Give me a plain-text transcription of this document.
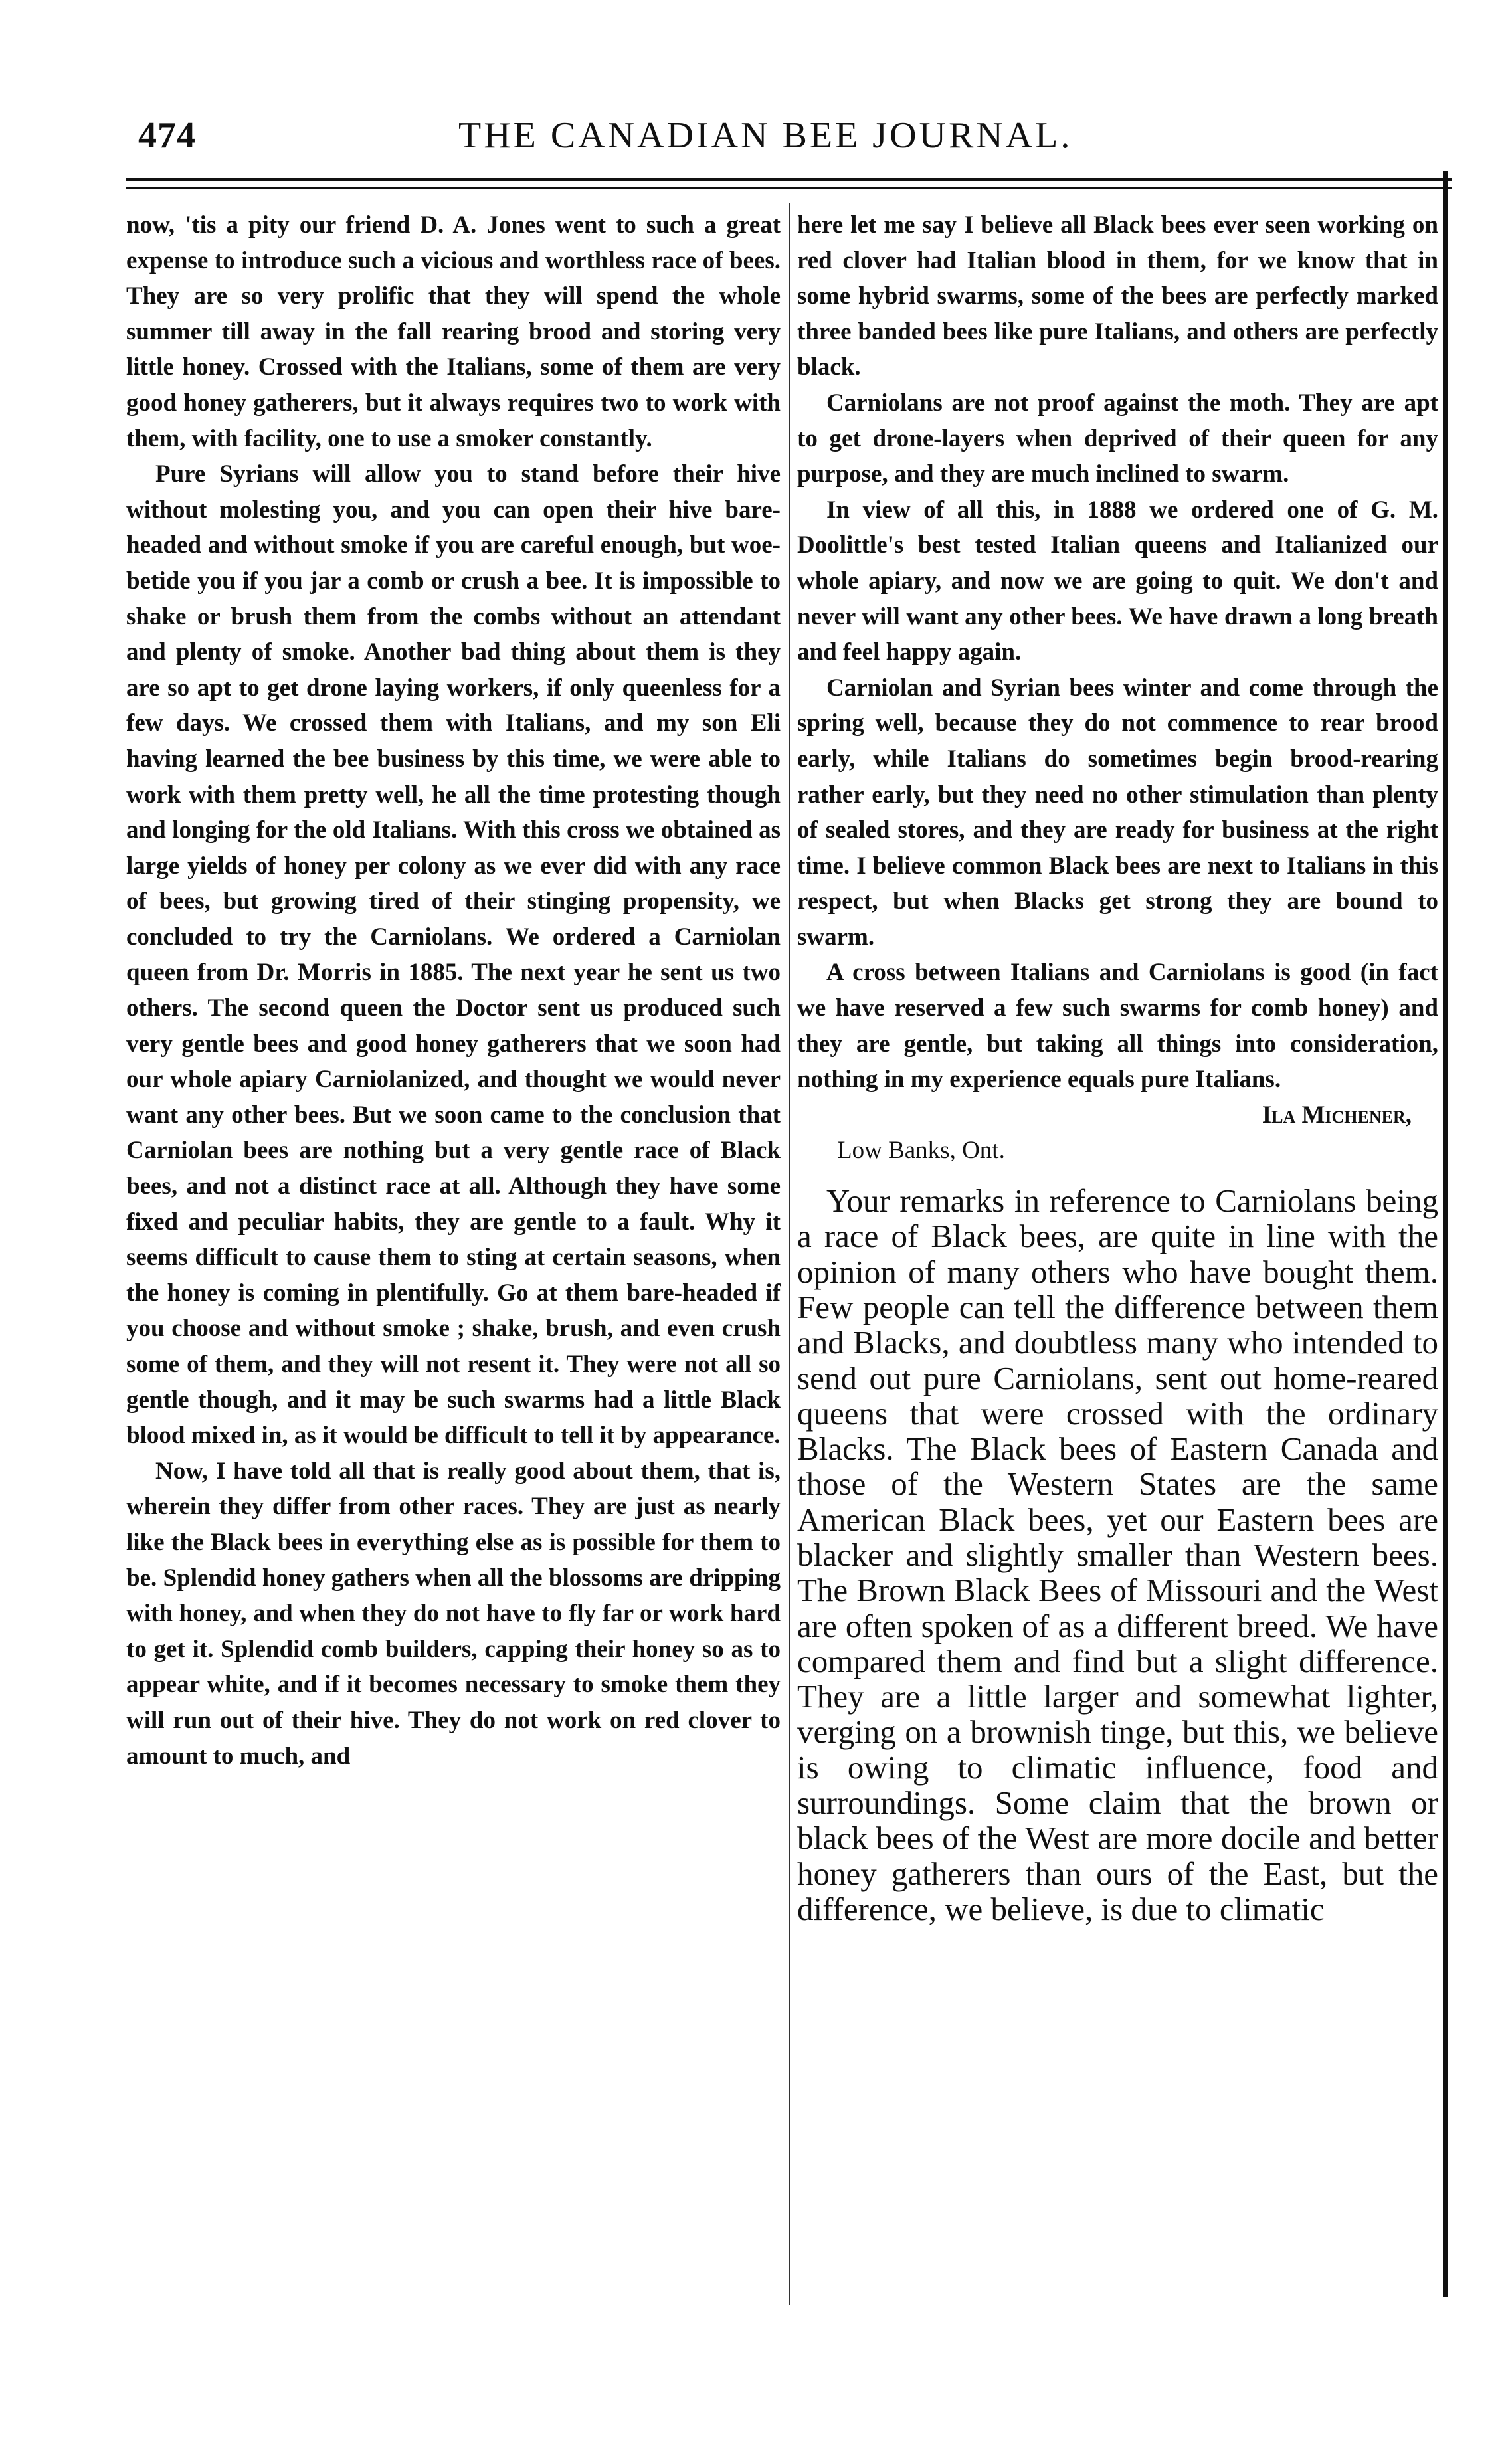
474	THE CANADIAN BEE JOURNAL.

now, 'tis a pity our friend D. A. Jones went to such a great expense to introduce such a vicious and worthless race of bees. They are so very prolific that they will spend the whole summer till away in the fall rearing brood and storing very little honey. Crossed with the Italians, some of them are very good honey gatherers, but it always requires two to work with them, with facility, one to use a smoker constantly.

Pure Syrians will allow you to stand before their hive without molesting you, and you can open their hive bare-headed and without smoke if you are careful enough, but woe-betide you if you jar a comb or crush a bee. It is impossible to shake or brush them from the combs without an attendant and plenty of smoke. Another bad thing about them is they are so apt to get drone laying workers, if only queenless for a few days. We crossed them with Italians, and my son Eli having learned the bee business by this time, we were able to work with them pretty well, he all the time protesting though and longing for the old Italians. With this cross we obtained as large yields of honey per colony as we ever did with any race of bees, but growing tired of their stinging propensity, we concluded to try the Carniolans. We ordered a Carniolan queen from Dr. Morris in 1885. The next year he sent us two others. The second queen the Doctor sent us produced such very gentle bees and good honey gatherers that we soon had our whole apiary Carniolanized, and thought we would never want any other bees. But we soon came to the conclusion that Carniolan bees are nothing but a very gentle race of Black bees, and not a distinct race at all. Although they have some fixed and peculiar habits, they are gentle to a fault. Why it seems difficult to cause them to sting at certain seasons, when the honey is coming in plentifully. Go at them bare-headed if you choose and without smoke ; shake, brush, and even crush some of them, and they will not resent it. They were not all so gentle though, and it may be such swarms had a little Black blood mixed in, as it would be difficult to tell it by appearance.

Now, I have told all that is really good about them, that is, wherein they differ from other races. They are just as nearly like the Black bees in everything else as is possible for them to be. Splendid honey gathers when all the blossoms are dripping with honey, and when they do not have to fly far or work hard to get it. Splendid comb builders, capping their honey so as to appear white, and if it becomes necessary to smoke them they will run out of their hive. They do not work on red clover to amount to much, and

here let me say I believe all Black bees ever seen working on red clover had Italian blood in them, for we know that in some hybrid swarms, some of the bees are perfectly marked three banded bees like pure Italians, and others are perfectly black.

Carniolans are not proof against the moth. They are apt to get drone-layers when deprived of their queen for any purpose, and they are much inclined to swarm.

In view of all this, in 1888 we ordered one of G. M. Doolittle's best tested Italian queens and Italianized our whole apiary, and now we are going to quit. We don't and never will want any other bees. We have drawn a long breath and feel happy again.

Carniolan and Syrian bees winter and come through the spring well, because they do not commence to rear brood early, while Italians do sometimes begin brood-rearing rather early, but they need no other stimulation than plenty of sealed stores, and they are ready for business at the right time. I believe common Black bees are next to Italians in this respect, but when Blacks get strong they are bound to swarm.

A cross between Italians and Carniolans is good (in fact we have reserved a few such swarms for comb honey) and they are gentle, but taking all things into consideration, nothing in my experience equals pure Italians.

Ila Michener,

Low Banks, Ont.

Your remarks in reference to Carniolans being a race of Black bees, are quite in line with the opinion of many others who have bought them. Few people can tell the difference between them and Blacks, and doubtless many who intended to send out pure Carniolans, sent out home-reared queens that were crossed with the ordinary Blacks. The Black bees of Eastern Canada and those of the Western States are the same American Black bees, yet our Eastern bees are blacker and slightly smaller than Western bees. The Brown Black Bees of Missouri and the West are often spoken of as a different breed. We have compared them and find but a slight difference. They are a little larger and somewhat lighter, verging on a brownish tinge, but this, we believe is owing to climatic influence, food and surroundings. Some claim that the brown or black bees of the West are more docile and better honey gatherers than ours of the East, but the difference, we believe, is due to climatic
